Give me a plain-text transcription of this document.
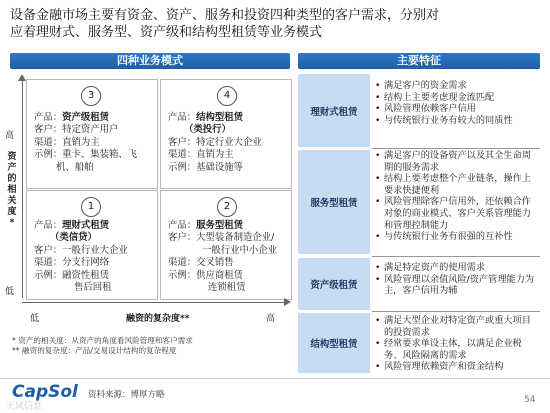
设备金融市场主要有资金、资产、服务和投资四种类型的客户需求，分别对
应着理财式、服务型、资产级和结构型租赁等业务模式
四种业务模式	主要特征
高
资
产
的
相
关
度
*
低
3
产品：资产级租赁
客户：特定资产用户
渠道：直销为主
示例：重卡、集装箱、飞
机、船舶
4
产品：结构型租赁
（类投行）
客户：特定行业大企业
渠道：直销为主
示例：基础设施等
1
产品：理财式租赁
（类信贷）
客户：一般行业大企业
渠道：分支行网络
示例：融资性租赁
售后回租
2
产品：服务型租赁
客户：大型装备制造企业/
一般行业中小企业
渠道：交叉销售
示例：供应商租赁
连锁租赁
低	融资的复杂度**	高
* 资产的相关度：从资产的角度看风险管理和客户需求
** 融资的复杂度：产品/交易设计结构的复杂程度
理财式租赁
• 满足客户的资金需求
• 结构上主要考虑现金流匹配
• 风险管理依赖客户信用
• 与传统银行业务有较大的同质性
服务型租赁
• 满足客户的设备资产以及其全生命周期的服务需求
• 结构上要考虑整个产业链条，操作上要求快捷便利
• 风险管理除客户信用外，还依赖合作对象的商业模式、客户关系管理能力和管理控制能力
• 与传统银行业务有很强的互补性
资产级租赁
• 满足特定资产的使用需求
• 风险管理以余值风险/资产管理能力为主，客户信用为辅
结构型租赁
• 满足大型企业对特定资产或重大项目的投资需求
• 经常要求单设主体，以满足企业税务、风险隔离的需求
• 风险管理依赖资产和资金结构
CapSol 资料来源：博厚方略	54
天风信息
